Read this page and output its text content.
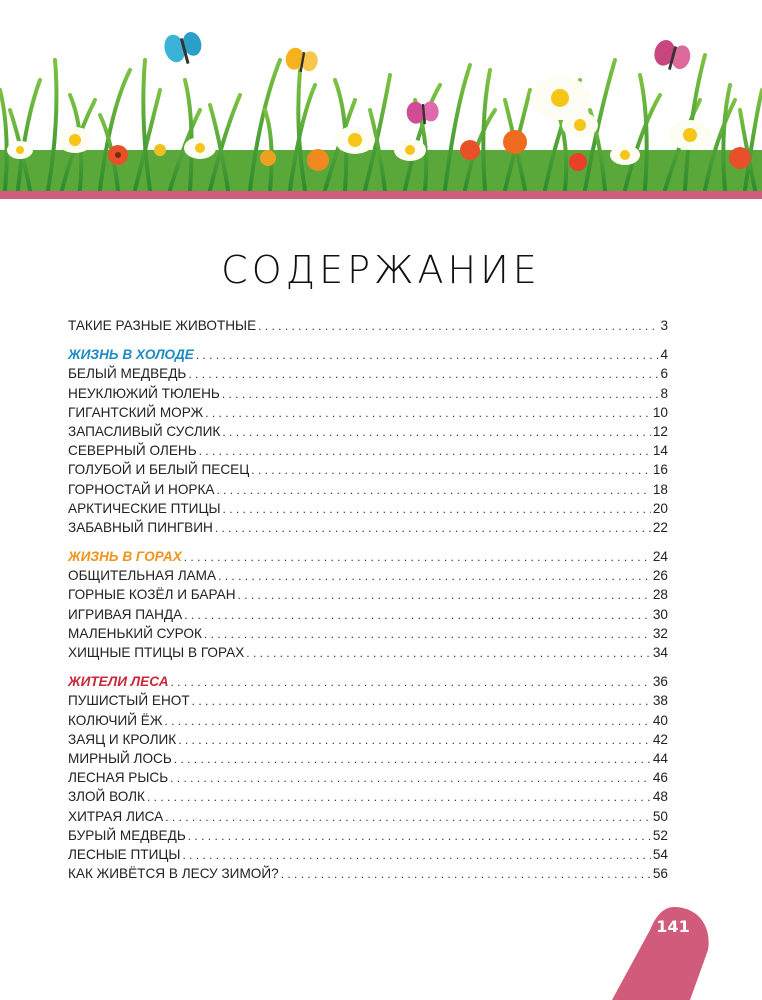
СОДЕРЖАНИЕ
ТАКИЕ РАЗНЫЕ ЖИВОТНЫЕ . . .	3
ЖИЗНЬ В ХОЛОДЕ . . .	4
БЕЛЫЙ МЕДВЕДЬ . . .	6
НЕУКЛЮЖИЙ ТЮЛЕНЬ . . .	8
ГИГАНТСКИЙ МОРЖ . . .	10
ЗАПАСЛИВЫЙ СУСЛИК . . .	12
СЕВЕРНЫЙ ОЛЕНЬ . . .	14
ГОЛУБОЙ И БЕЛЫЙ ПЕСЕЦ . . .	16
ГОРНОСТАЙ И НОРКА . . .	18
АРКТИЧЕСКИЕ ПТИЦЫ . . .	20
ЗАБАВНЫЙ ПИНГВИН . . .	22
ЖИЗНЬ В ГОРАХ . . .	24
ОБЩИТЕЛЬНАЯ ЛАМА . . .	26
ГОРНЫЕ КОЗЁЛ И БАРАН . . .	28
ИГРИВАЯ ПАНДА . . .	30
МАЛЕНЬКИЙ СУРОК . . .	32
ХИЩНЫЕ ПТИЦЫ В ГОРАХ . . .	34
ЖИТЕЛИ ЛЕСА . . .	36
ПУШИСТЫЙ ЕНОТ . . .	38
КОЛЮЧИЙ ЁЖ . . .	40
ЗАЯЦ И КРОЛИК . . .	42
МИРНЫЙ ЛОСЬ . . .	44
ЛЕСНАЯ РЫСЬ . . .	46
ЗЛОЙ ВОЛК . . .	48
ХИТРАЯ ЛИСА . . .	50
БУРЫЙ МЕДВЕДЬ . . .	52
ЛЕСНЫЕ ПТИЦЫ . . .	54
КАК ЖИВЁТСЯ В ЛЕСУ ЗИМОЙ? . . .	56
141
